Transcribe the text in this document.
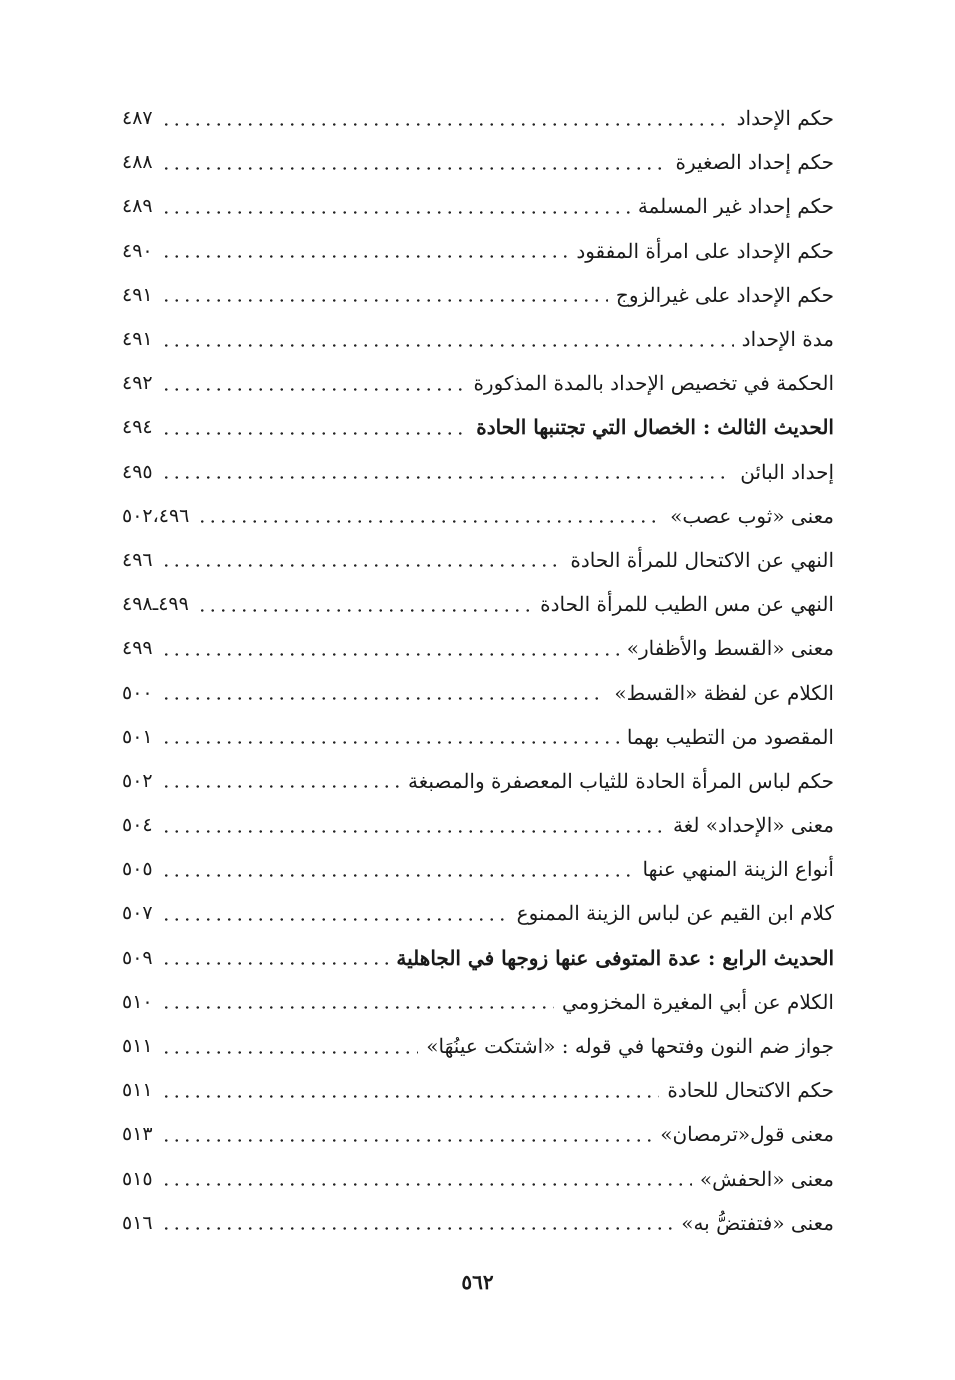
حكم الإحداد
٤٨٧
حكم إحداد الصغيرة
٤٨٨
حكم إحداد غير المسلمة
٤٨٩
حكم الإحداد على امرأة المفقود
٤٩٠
حكم الإحداد على غيرالزوج
٤٩١
مدة الإحداد
٤٩١
الحكمة في تخصيص الإحداد بالمدة المذكورة
٤٩٢
الحديث الثالث : الخصال التي تجتنبها الحادة
٤٩٤
إحداد البائن
٤٩٥
معنى «ثوب عصب»
٥٠٢،٤٩٦
النهي عن الاكتحال للمرأة الحادة
٤٩٦
النهي عن مس الطيب للمرأة الحادة
٤٩٩ـ٤٩٨
معنى «القسط والأظفار»
٤٩٩
الكلام عن لفظة «القسط»
٥٠٠
المقصود من التطيب بهما
٥٠١
حكم لباس المرأة الحادة للثياب المعصفرة والمصبغة
٥٠٢
معنى «الإحداد» لغة
٥٠٤
أنواع الزينة المنهي عنها
٥٠٥
كلام ابن القيم عن لباس الزينة الممنوع
٥٠٧
الحديث الرابع : عدة المتوفى عنها زوجها في الجاهلية
٥٠٩
الكلام عن أبي المغيرة المخزومي
٥١٠
جواز ضم النون وفتحها في قوله : «اشتكت عينُهَا»
٥١١
حكم الاكتحال للحادة
٥١١
معنى قول«ترمصان»
٥١٣
معنى «الحفش»
٥١٥
معنى «فتفتضُّ به»
٥١٦
٥٦٢
